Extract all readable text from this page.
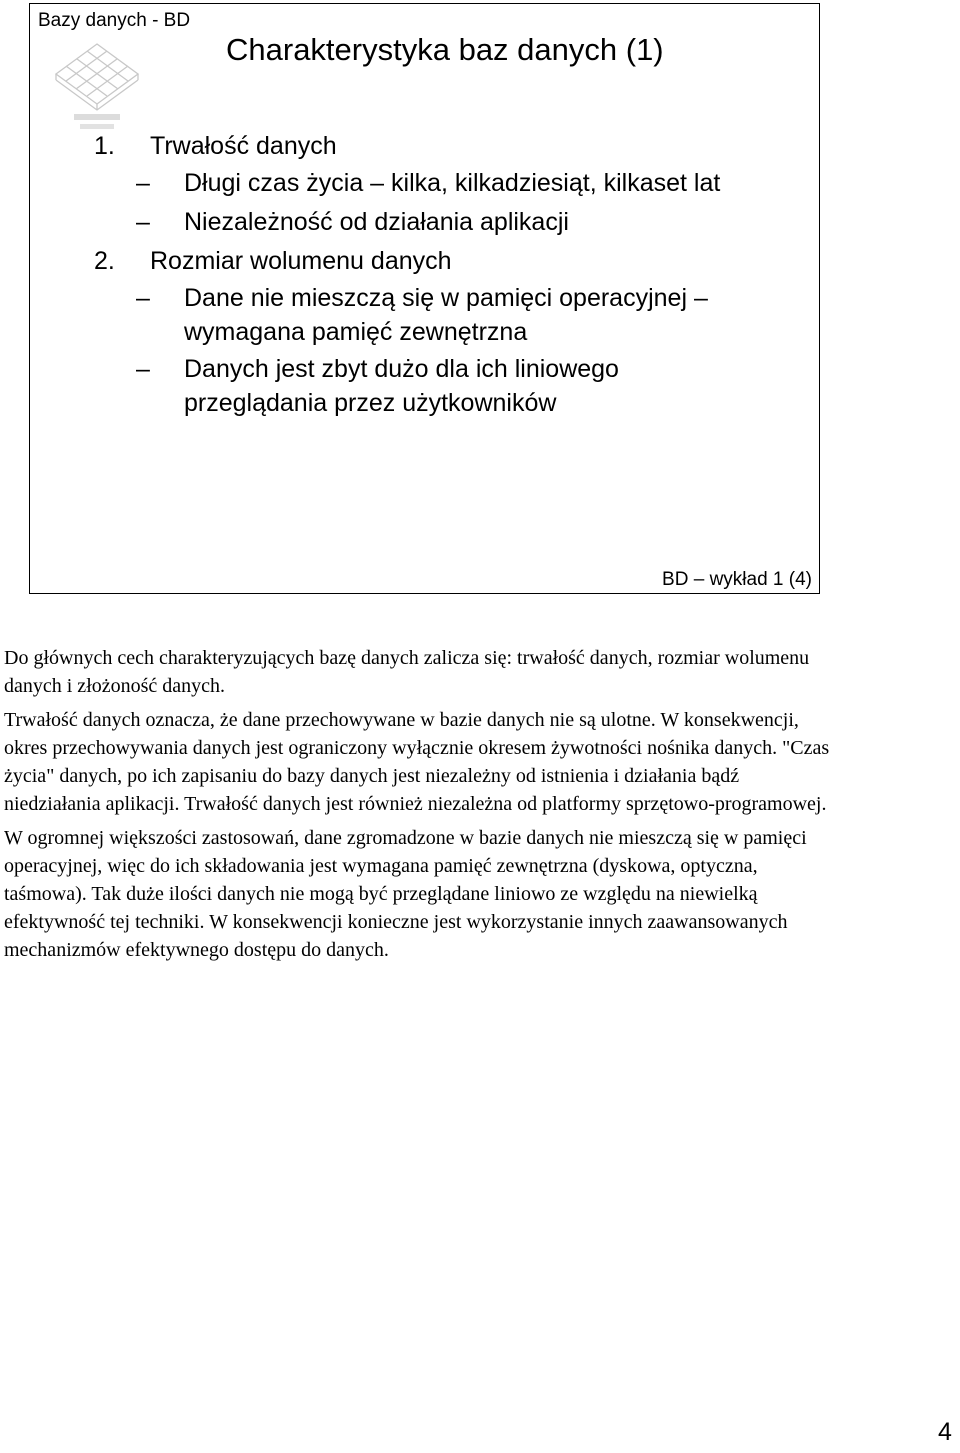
Bazy danych - BD
Charakterystyka baz danych (1)
1. Trwałość danych
– Długi czas życia – kilka, kilkadziesiąt, kilkaset lat
– Niezależność od działania aplikacji
2. Rozmiar wolumenu danych
– Dane nie mieszczą się w pamięci operacyjnej –
wymagana pamięć zewnętrzna
– Danych jest zbyt dużo dla ich liniowego
przeglądania przez użytkowników
BD – wykład 1 (4)

Do głównych cech charakteryzujących bazę danych zalicza się: trwałość danych, rozmiar wolumenu danych i złożoność danych.

Trwałość danych oznacza, że dane przechowywane w bazie danych nie są ulotne. W konsekwencji, okres przechowywania danych jest ograniczony wyłącznie okresem żywotności nośnika danych. "Czas życia" danych, po ich zapisaniu do bazy danych jest niezależny od istnienia i działania bądź niedziałania aplikacji. Trwałość danych jest również niezależna od platformy sprzętowo-programowej.

W ogromnej większości zastosowań, dane zgromadzone w bazie danych nie mieszczą się w pamięci operacyjnej, więc do ich składowania jest wymagana pamięć zewnętrzna (dyskowa, optyczna, taśmowa). Tak duże ilości danych nie mogą być przeglądane liniowo ze względu na niewielką efektywność tej techniki. W konsekwencji konieczne jest wykorzystanie innych zaawansowanych mechanizmów efektywnego dostępu do danych.

4
